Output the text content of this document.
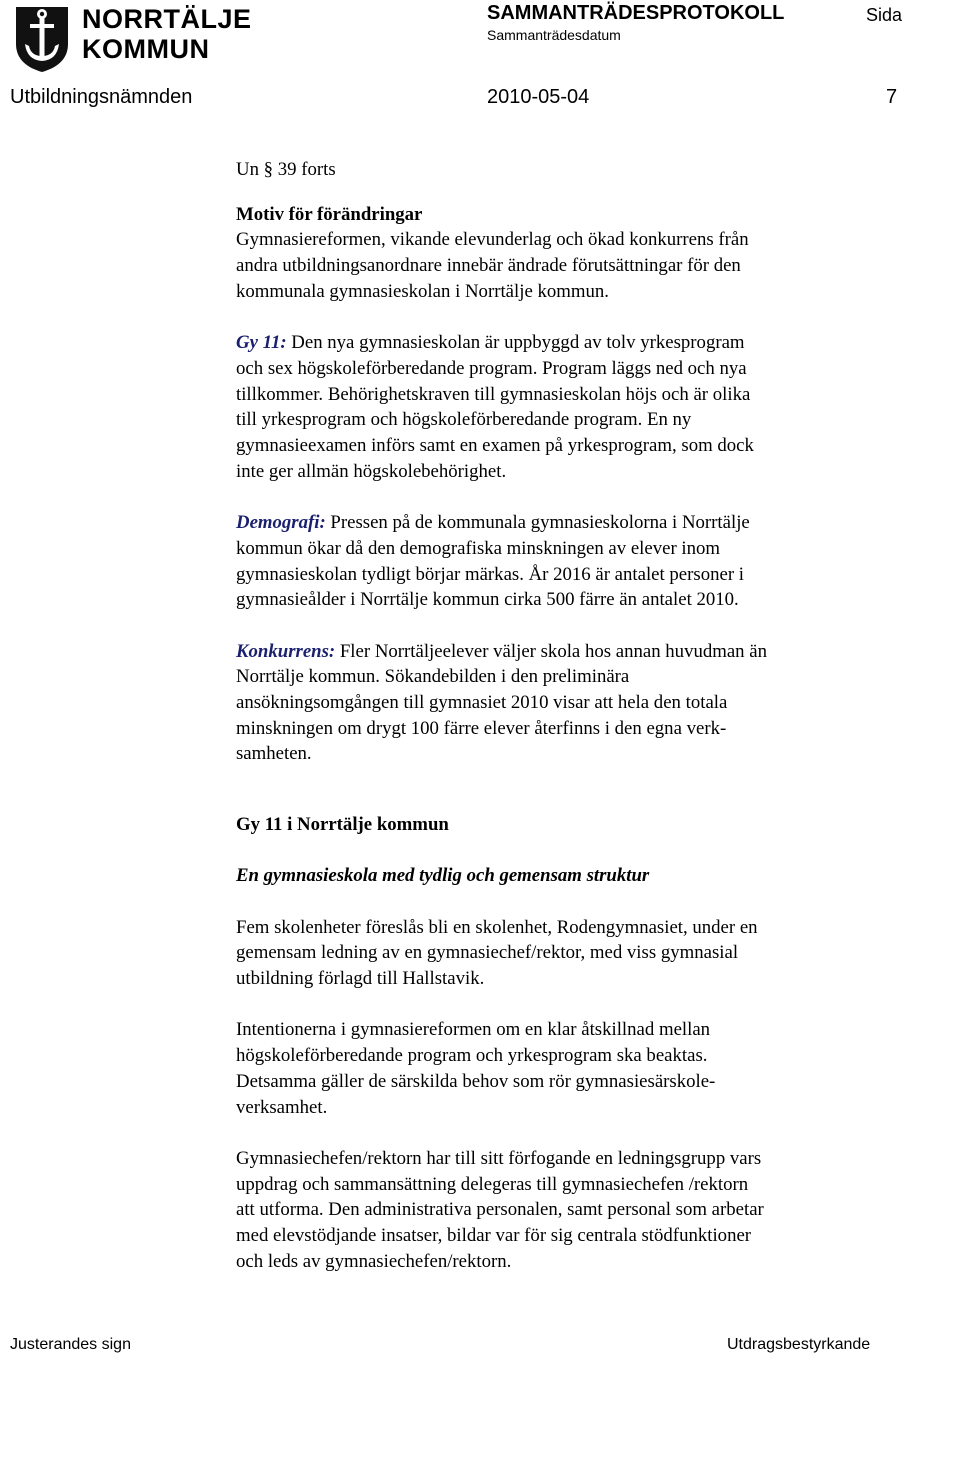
NORRTÄLJE
KOMMUN
SAMMANTRÄDESPROTOKOLL
Sammanträdesdatum
Sida
Utbildningsnämnden	2010-05-04	7

Un § 39 forts

Motiv för förändringar

Gymnasiereformen, vikande elevunderlag och ökad konkurrens från

andra utbildningsanordnare innebär ändrade förutsättningar för den

kommunala gymnasieskolan i Norrtälje kommun.

Gy 11: Den nya gymnasieskolan är uppbyggd av tolv yrkesprogram

och sex högskoleförberedande program. Program läggs ned och nya

tillkommer. Behörighetskraven till gymnasieskolan höjs och är olika

till yrkesprogram och högskoleförberedande program. En ny

gymnasieexamen införs samt en examen på yrkesprogram, som dock

inte ger allmän högskolebehörighet.

Demografi: Pressen på de kommunala gymnasieskolorna i Norrtälje

kommun ökar då den demografiska minskningen av elever inom

gymnasieskolan tydligt börjar märkas. År 2016 är antalet personer i

gymnasieålder i Norrtälje kommun cirka 500 färre än antalet 2010.

Konkurrens: Fler Norrtäljeelever väljer skola hos annan huvudman än

Norrtälje kommun. Sökandebilden i den preliminära

ansökningsomgången till gymnasiet 2010 visar att hela den totala

minskningen om drygt 100 färre elever återfinns i den egna verk-

samheten.

Gy 11 i Norrtälje kommun

En gymnasieskola med tydlig och gemensam struktur

Fem skolenheter föreslås bli en skolenhet, Rodengymnasiet, under en

gemensam ledning av en gymnasiechef/rektor, med viss gymnasial

utbildning förlagd till Hallstavik.

Intentionerna i gymnasiereformen om en klar åtskillnad mellan

högskoleförberedande program och yrkesprogram ska beaktas.

Detsamma gäller de särskilda behov som rör gymnasiesärskole-

verksamhet.

Gymnasiechefen/rektorn har till sitt förfogande en ledningsgrupp vars

uppdrag och sammansättning delegeras till gymnasiechefen /rektorn

att utforma. Den administrativa personalen, samt personal som arbetar

med elevstödjande insatser, bildar var för sig centrala stödfunktioner

och leds av gymnasiechefen/rektorn.

Justerandes sign	Utdragsbestyrkande
